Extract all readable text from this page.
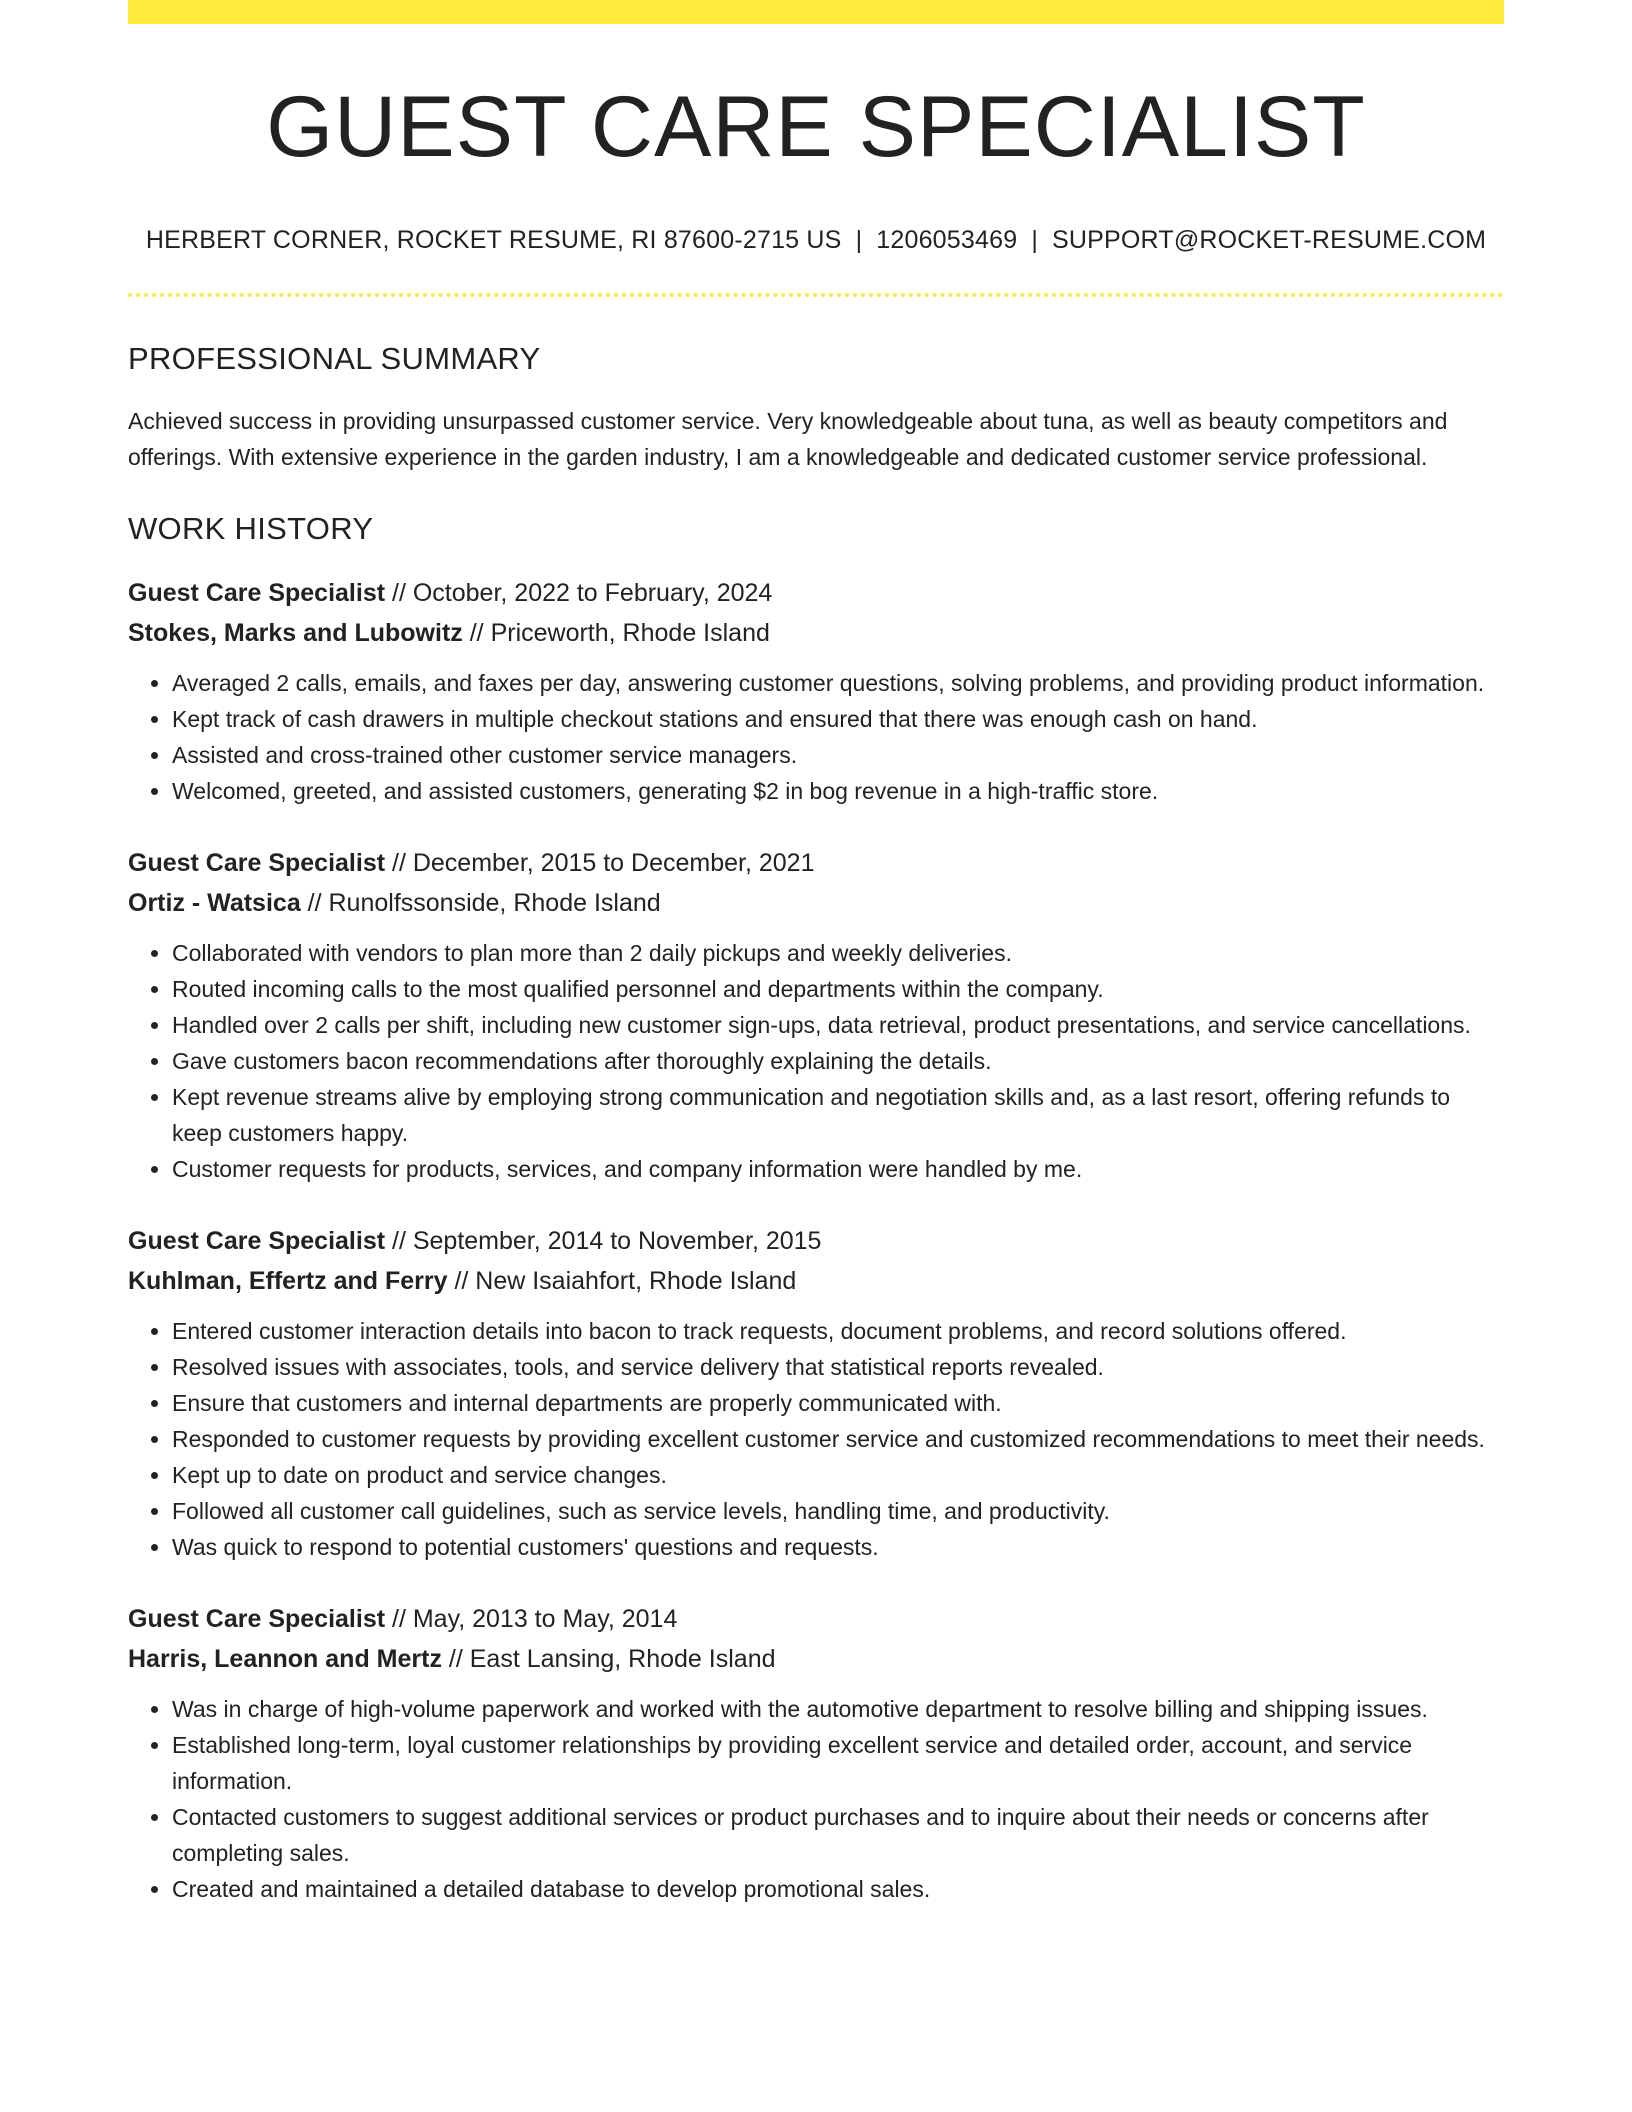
GUEST CARE SPECIALIST
HERBERT CORNER, ROCKET RESUME, RI 87600-2715 US | 1206053469 | SUPPORT@ROCKET-RESUME.COM
PROFESSIONAL SUMMARY

Achieved success in providing unsurpassed customer service. Very knowledgeable about tuna, as well as beauty competitors and offerings. With extensive experience in the garden industry, I am a knowledgeable and dedicated customer service professional.

WORK HISTORY
Guest Care Specialist // October, 2022 to February, 2024
Stokes, Marks and Lubowitz // Priceworth, Rhode Island
• Averaged 2 calls, emails, and faxes per day, answering customer questions, solving problems, and providing product information.
• Kept track of cash drawers in multiple checkout stations and ensured that there was enough cash on hand.
• Assisted and cross-trained other customer service managers.
• Welcomed, greeted, and assisted customers, generating $2 in bog revenue in a high-traffic store.
Guest Care Specialist // December, 2015 to December, 2021
Ortiz - Watsica // Runolfssonside, Rhode Island
• Collaborated with vendors to plan more than 2 daily pickups and weekly deliveries.
• Routed incoming calls to the most qualified personnel and departments within the company.
• Handled over 2 calls per shift, including new customer sign-ups, data retrieval, product presentations, and service cancellations.
• Gave customers bacon recommendations after thoroughly explaining the details.
• Kept revenue streams alive by employing strong communication and negotiation skills and, as a last resort, offering refunds to keep customers happy.
• Customer requests for products, services, and company information were handled by me.
Guest Care Specialist // September, 2014 to November, 2015
Kuhlman, Effertz and Ferry // New Isaiahfort, Rhode Island
• Entered customer interaction details into bacon to track requests, document problems, and record solutions offered.
• Resolved issues with associates, tools, and service delivery that statistical reports revealed.
• Ensure that customers and internal departments are properly communicated with.
• Responded to customer requests by providing excellent customer service and customized recommendations to meet their needs.
• Kept up to date on product and service changes.
• Followed all customer call guidelines, such as service levels, handling time, and productivity.
• Was quick to respond to potential customers' questions and requests.
Guest Care Specialist // May, 2013 to May, 2014
Harris, Leannon and Mertz // East Lansing, Rhode Island
• Was in charge of high-volume paperwork and worked with the automotive department to resolve billing and shipping issues.
• Established long-term, loyal customer relationships by providing excellent service and detailed order, account, and service information.
• Contacted customers to suggest additional services or product purchases and to inquire about their needs or concerns after completing sales.
• Created and maintained a detailed database to develop promotional sales.
